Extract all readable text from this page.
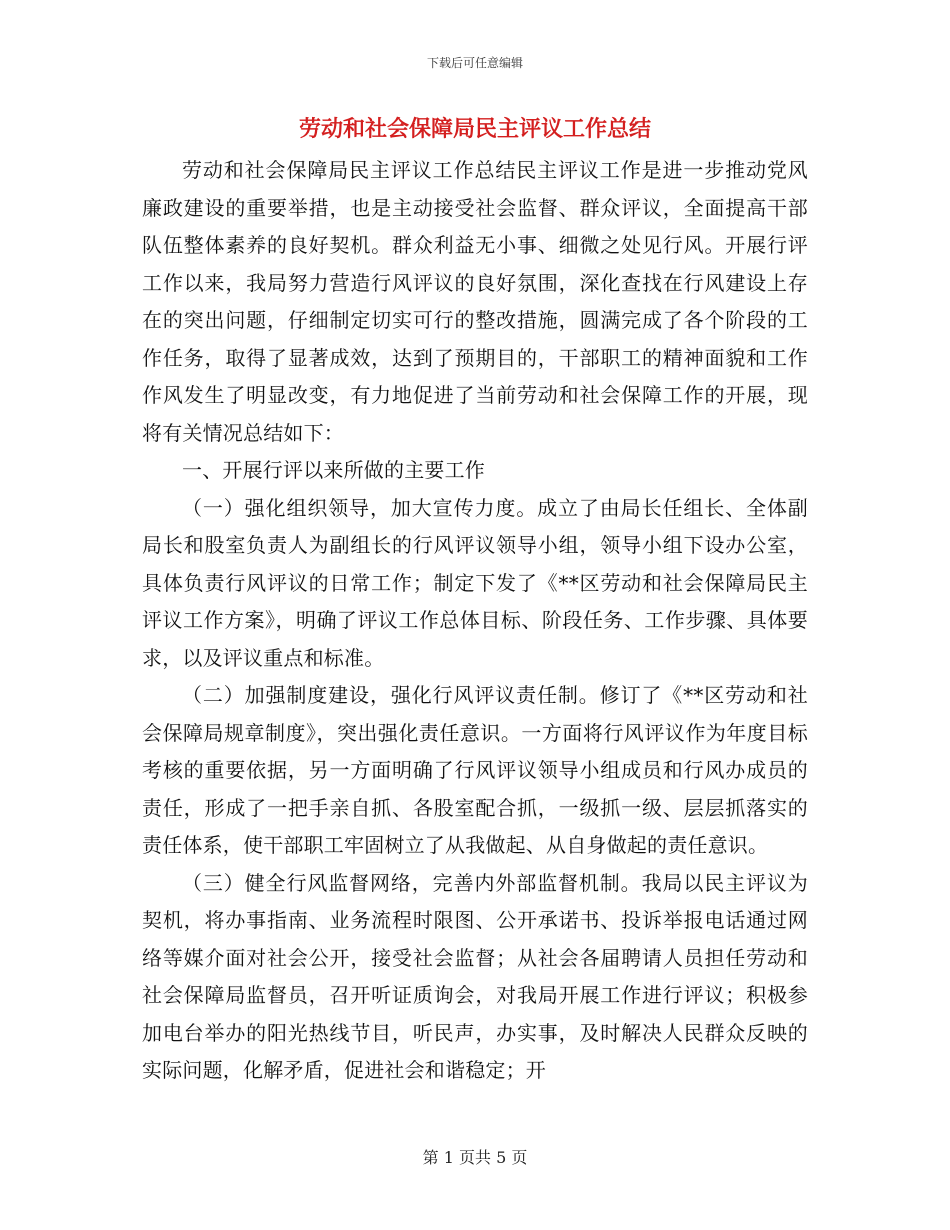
下载后可任意编辑
劳动和社会保障局民主评议工作总结

劳动和社会保障局民主评议工作总结民主评议工作是进一步推动党风廉政建设的重要举措，也是主动接受社会监督、群众评议，全面提高干部队伍整体素养的良好契机。群众利益无小事、细微之处见行风。开展行评工作以来，我局努力营造行风评议的良好氛围，深化查找在行风建设上存在的突出问题，仔细制定切实可行的整改措施，圆满完成了各个阶段的工作任务，取得了显著成效，达到了预期目的，干部职工的精神面貌和工作作风发生了明显改变，有力地促进了当前劳动和社会保障工作的开展，现将有关情况总结如下：

一、开展行评以来所做的主要工作

（一）强化组织领导，加大宣传力度。成立了由局长任组长、全体副局长和股室负责人为副组长的行风评议领导小组，领导小组下设办公室，具体负责行风评议的日常工作；制定下发了《**区劳动和社会保障局民主评议工作方案》，明确了评议工作总体目标、阶段任务、工作步骤、具体要求，以及评议重点和标准。

（二）加强制度建设，强化行风评议责任制。修订了《**区劳动和社会保障局规章制度》，突出强化责任意识。一方面将行风评议作为年度目标考核的重要依据，另一方面明确了行风评议领导小组成员和行风办成员的责任，形成了一把手亲自抓、各股室配合抓，一级抓一级、层层抓落实的责任体系，使干部职工牢固树立了从我做起、从自身做起的责任意识。

（三）健全行风监督网络，完善内外部监督机制。我局以民主评议为契机，将办事指南、业务流程时限图、公开承诺书、投诉举报电话通过网络等媒介面对社会公开，接受社会监督；从社会各届聘请人员担任劳动和社会保障局监督员，召开听证质询会，对我局开展工作进行评议；积极参加电台举办的阳光热线节目，听民声，办实事，及时解决人民群众反映的实际问题，化解矛盾，促进社会和谐稳定；开

第 1 页共 5 页
